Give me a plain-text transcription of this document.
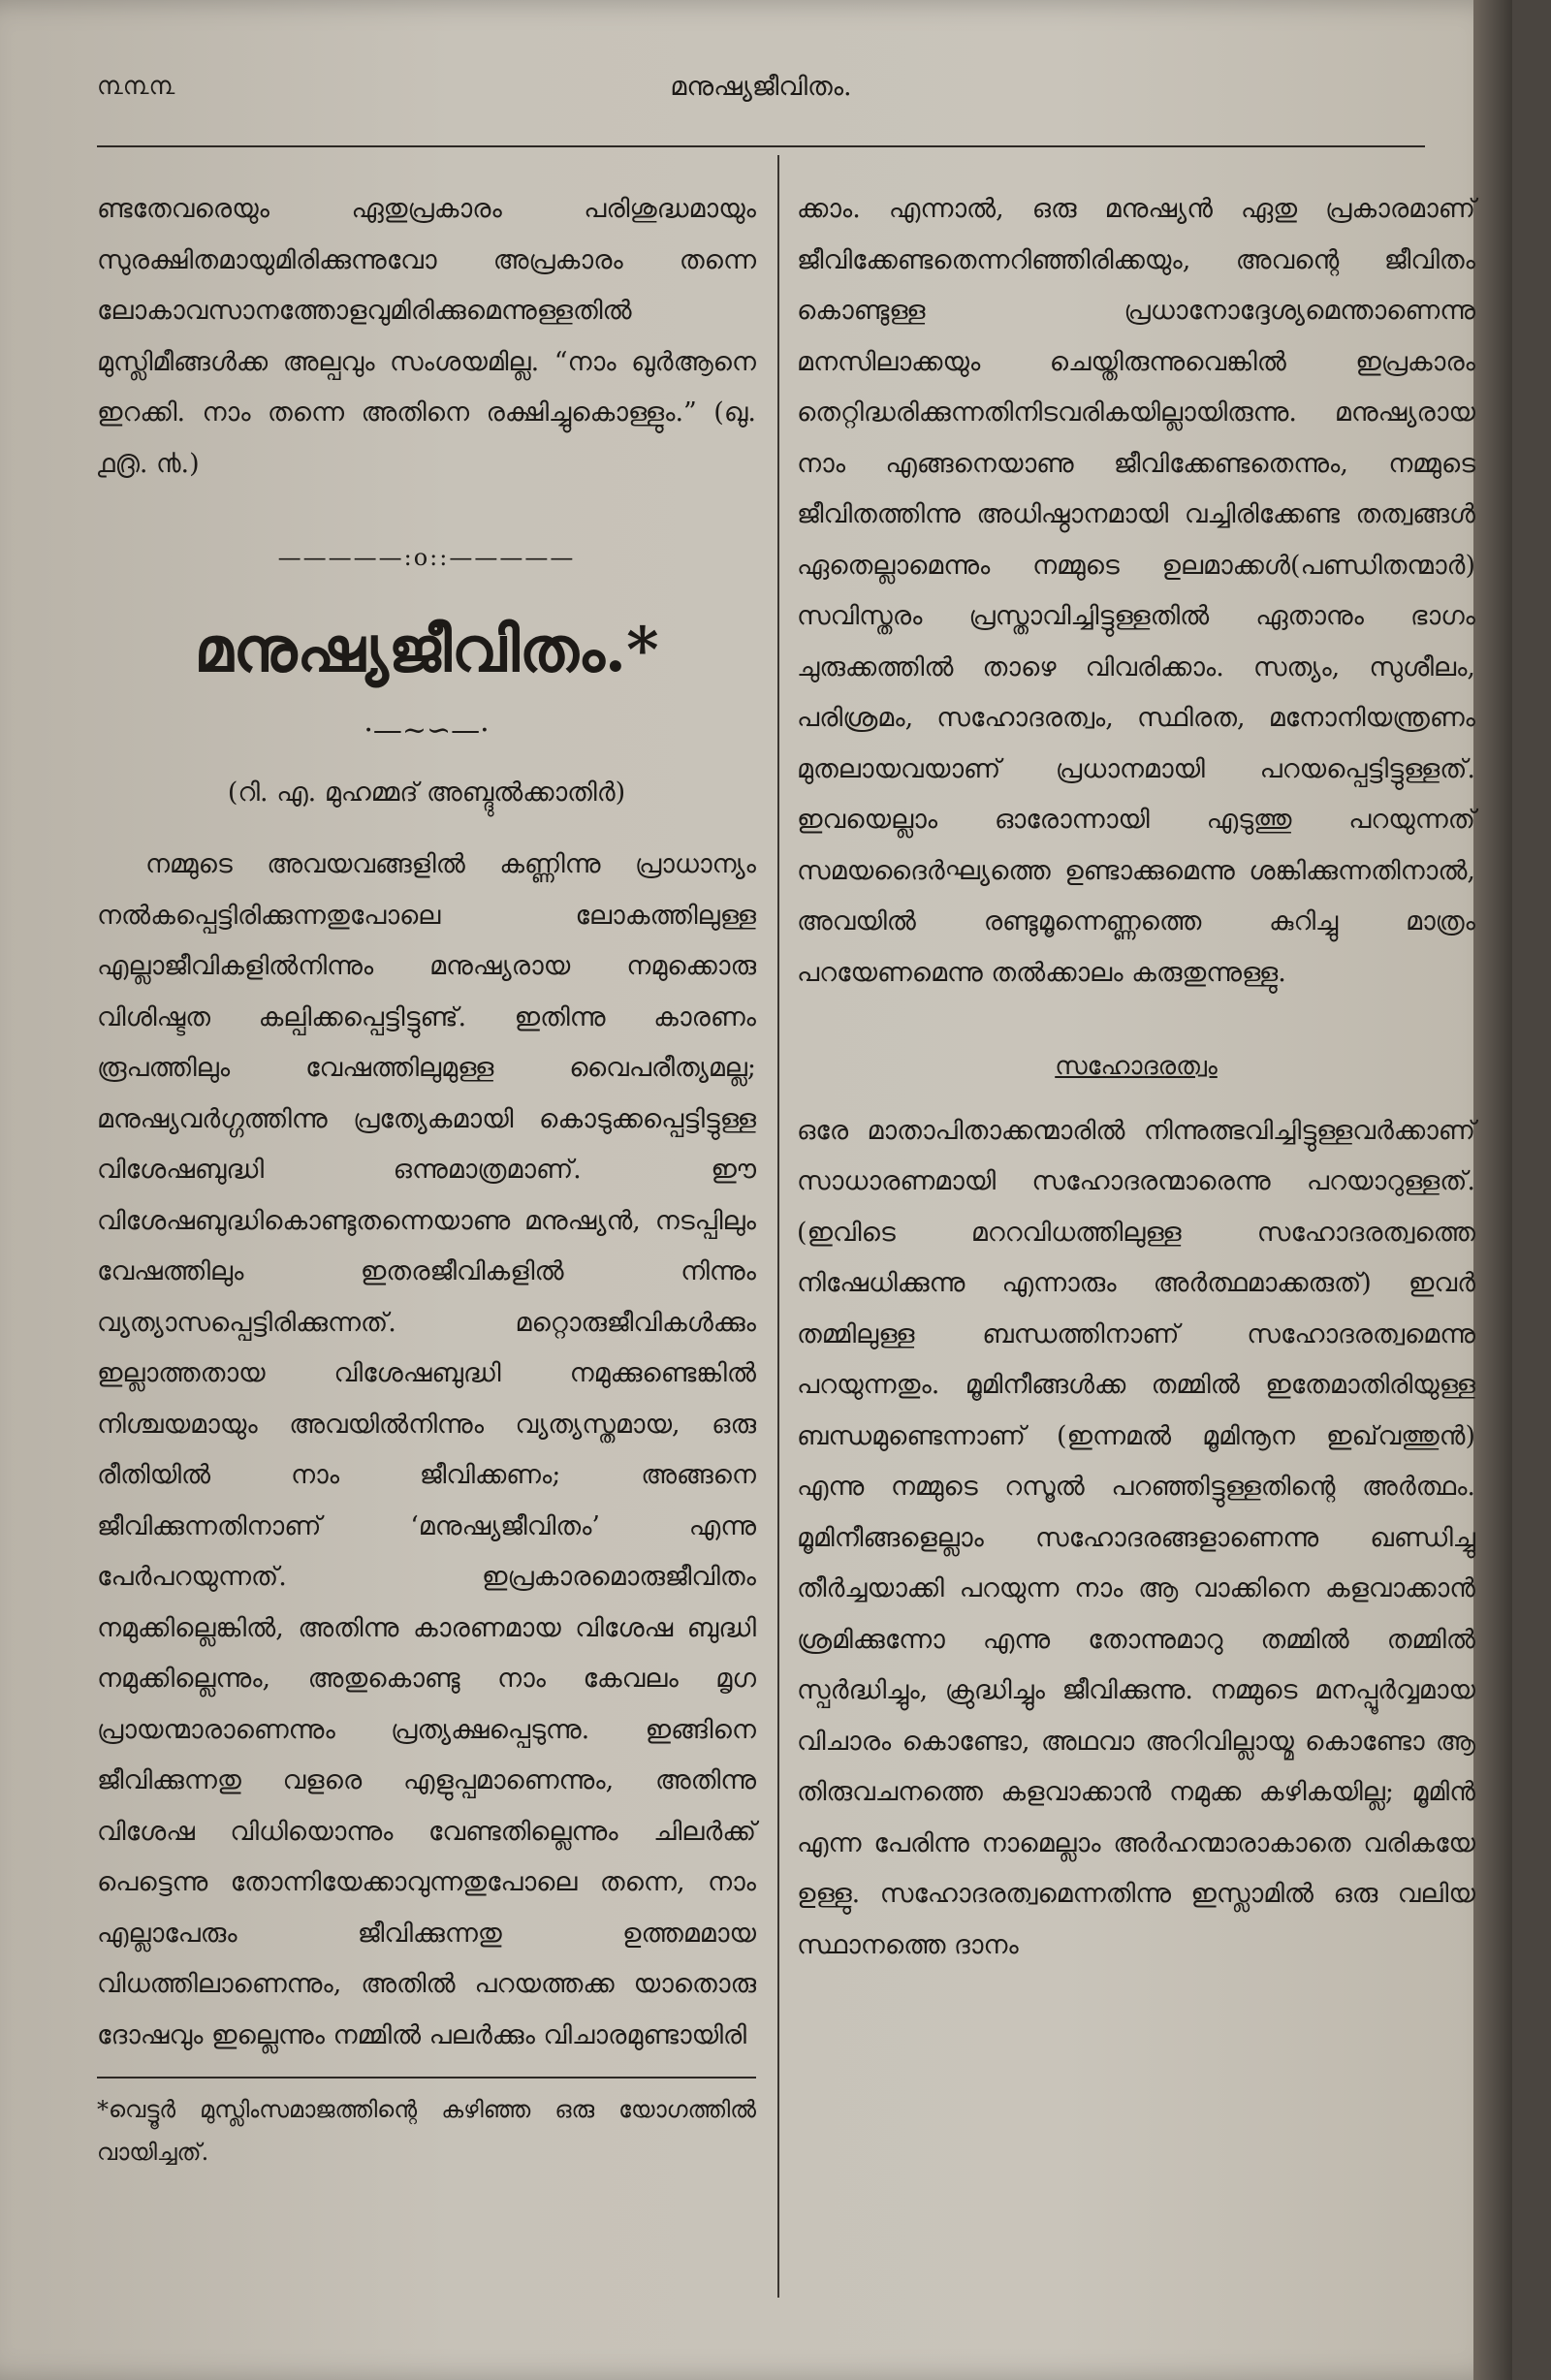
൩൩൩	മനുഷ്യജീവിതം.

ണ്ടതേവരെയും ഏതുപ്രകാരം പരിശുദ്ധമായും സുരക്ഷിതമായുമിരിക്കുന്നുവോ അപ്രകാരം തന്നെ ലോകാവസാനത്തോളവുമിരിക്കുമെന്നുള്ളതിൽ മുസ്ലിമീങ്ങൾക്ക അല്പവും സംശയമില്ല. “നാം ഖുർആനെ ഇറക്കി. നാം തന്നെ അതിനെ രക്ഷിച്ചുകൊള്ളും.” (ഖു. ൧൫. ൯.)

—————:o::—————
മനുഷ്യജീവിതം.*
·—~∽—·
(റി. എ. മുഹമ്മദ് അബ്ദുൽക്കാതിർ)

നമ്മുടെ അവയവങ്ങളിൽ കണ്ണിന്നു പ്രാധാന്യം നൽകപ്പെട്ടിരിക്കുന്നതുപോലെ ലോകത്തിലുള്ള എല്ലാജീവികളിൽനിന്നും മനുഷ്യരായ നമുക്കൊരു വിശിഷ്ടത കല്പിക്കപ്പെട്ടിട്ടുണ്ട്. ഇതിന്നു കാരണം രൂപത്തിലും വേഷത്തിലുമുള്ള വൈപരീത്യമല്ല; മനുഷ്യവർഗ്ഗത്തിന്നു പ്രത്യേകമായി കൊടുക്കപ്പെട്ടിട്ടുള്ള വിശേഷബുദ്ധി ഒന്നുമാത്രമാണ്. ഈ വിശേഷബുദ്ധികൊണ്ടുതന്നെയാണു മനുഷ്യൻ, നടപ്പിലും വേഷത്തിലും ഇതരജീവികളിൽ നിന്നും വ്യത്യാസപ്പെട്ടിരിക്കുന്നത്. മറ്റൊരുജീവികൾക്കും ഇല്ലാത്തതായ വിശേഷബുദ്ധി നമുക്കുണ്ടെങ്കിൽ നിശ്ചയമായും അവയിൽനിന്നും വ്യത്യസ്തമായ, ഒരു രീതിയിൽ നാം ജീവിക്കണം; അങ്ങനെ ജീവിക്കുന്നതിനാണ് ‘മനുഷ്യജീവിതം’ എന്നു പേർപറയുന്നത്. ഇപ്രകാരമൊരുജീവിതം നമുക്കില്ലെങ്കിൽ, അതിന്നു കാരണമായ വിശേഷ ബുദ്ധി നമുക്കില്ലെന്നും, അതുകൊണ്ടു നാം കേവലം മൃഗ പ്രായന്മാരാണെന്നും പ്രത്യക്ഷപ്പെടുന്നു. ഇങ്ങിനെ ജീവിക്കുന്നതു വളരെ എളുപ്പമാണെന്നും, അതിന്നു വിശേഷ വിധിയൊന്നും വേണ്ടതില്ലെന്നും ചിലർക്ക് പെട്ടെന്നു തോന്നിയേക്കാവുന്നതുപോലെ തന്നെ, നാം എല്ലാപേരും ജീവിക്കുന്നതു ഉത്തമമായ വിധത്തിലാണെന്നും, അതിൽ പറയത്തക്ക യാതൊരു ദോഷവും ഇല്ലെന്നും നമ്മിൽ പലർക്കും വിചാരമുണ്ടായിരി

*വെട്ടൂർ മുസ്ലിംസമാജത്തിന്റെ കഴിഞ്ഞ ഒരു യോഗത്തിൽ വായിച്ചത്.

ക്കാം. എന്നാൽ, ഒരു മനുഷ്യൻ ഏതു പ്രകാരമാണ് ജീവിക്കേണ്ടതെന്നറിഞ്ഞിരിക്കയും, അവന്റെ ജീവിതം കൊണ്ടുള്ള പ്രധാനോദ്ദേശ്യമെന്താണെന്നു മനസിലാക്കയും ചെയ്തിരുന്നുവെങ്കിൽ ഇപ്രകാരം തെറ്റിദ്ധരിക്കുന്നതിനിടവരികയില്ലായിരുന്നു. മനുഷ്യരായ നാം എങ്ങനെയാണു ജീവിക്കേണ്ടതെന്നും, നമ്മുടെ ജീവിതത്തിന്നു അധിഷ്ഠാനമായി വച്ചിരിക്കേണ്ട തത്വങ്ങൾ ഏതെല്ലാമെന്നും നമ്മുടെ ഉലമാക്കൾ(പണ്ഡിതന്മാർ) സവിസ്തരം പ്രസ്താവിച്ചിട്ടുള്ളതിൽ ഏതാനും ഭാഗം ചുരുക്കത്തിൽ താഴെ വിവരിക്കാം. സത്യം, സുശീലം, പരിശ്രമം, സഹോദരത്വം, സ്ഥിരത, മനോനിയന്ത്രണം മുതലായവയാണ് പ്രധാനമായി പറയപ്പെട്ടിട്ടുള്ളത്. ഇവയെല്ലാം ഓരോന്നായി എടുത്തു പറയുന്നത് സമയദൈർഘ്യത്തെ ഉണ്ടാക്കുമെന്നു ശങ്കിക്കുന്നതിനാൽ, അവയിൽ രണ്ടുമൂന്നെണ്ണത്തെ കുറിച്ചു മാത്രം പറയേണമെന്നു തൽക്കാലം കരുതുന്നുള്ളു.

സഹോദരത്വം

ഒരേ മാതാപിതാക്കന്മാരിൽ നിന്നുത്ഭവിച്ചിട്ടുള്ളവർക്കാണ് സാധാരണമായി സഹോദരന്മാരെന്നു പറയാറുള്ളത്. (ഇവിടെ മററവിധത്തിലുള്ള സഹോദരത്വത്തെ നിഷേധിക്കുന്നു എന്നാരും അർത്ഥമാക്കരുത്) ഇവർ തമ്മിലുള്ള ബന്ധത്തിനാണ് സഹോദരത്വമെന്നു പറയുന്നതും. മൂമിനീങ്ങൾക്ക തമ്മിൽ ഇതേമാതിരിയുള്ള ബന്ധമുണ്ടെന്നാണ് (ഇന്നമൽ മൂമിനൂന ഇഖ്‌വത്തുൻ) എന്നു നമ്മുടെ റസൂൽ പറഞ്ഞിട്ടുള്ളതിന്റെ അർത്ഥം. മൂമിനീങ്ങളെല്ലാം സഹോദരങ്ങളാണെന്നു ഖണ്ഡിച്ചു തീർച്ചയാക്കി പറയുന്ന നാം ആ വാക്കിനെ കളവാക്കാൻ ശ്രമിക്കുന്നോ എന്നു തോന്നുമാറു തമ്മിൽ തമ്മിൽ സ്പർദ്ധിച്ചും, ക്രുദ്ധിച്ചും ജീവിക്കുന്നു. നമ്മുടെ മനപ്പൂർവ്വമായ വിചാരം കൊണ്ടോ, അഥവാ അറിവില്ലായ്മ കൊണ്ടോ ആ തിരുവചനത്തെ കളവാക്കാൻ നമുക്ക കഴികയില്ല; മൂമിൻ എന്ന പേരിന്നു നാമെല്ലാം അർഹന്മാരാകാതെ വരികയേ ഉള്ളു. സഹോദരത്വമെന്നതിന്നു ഇസ്ലാമിൽ ഒരു വലിയ സ്ഥാനത്തെ ദാനം
